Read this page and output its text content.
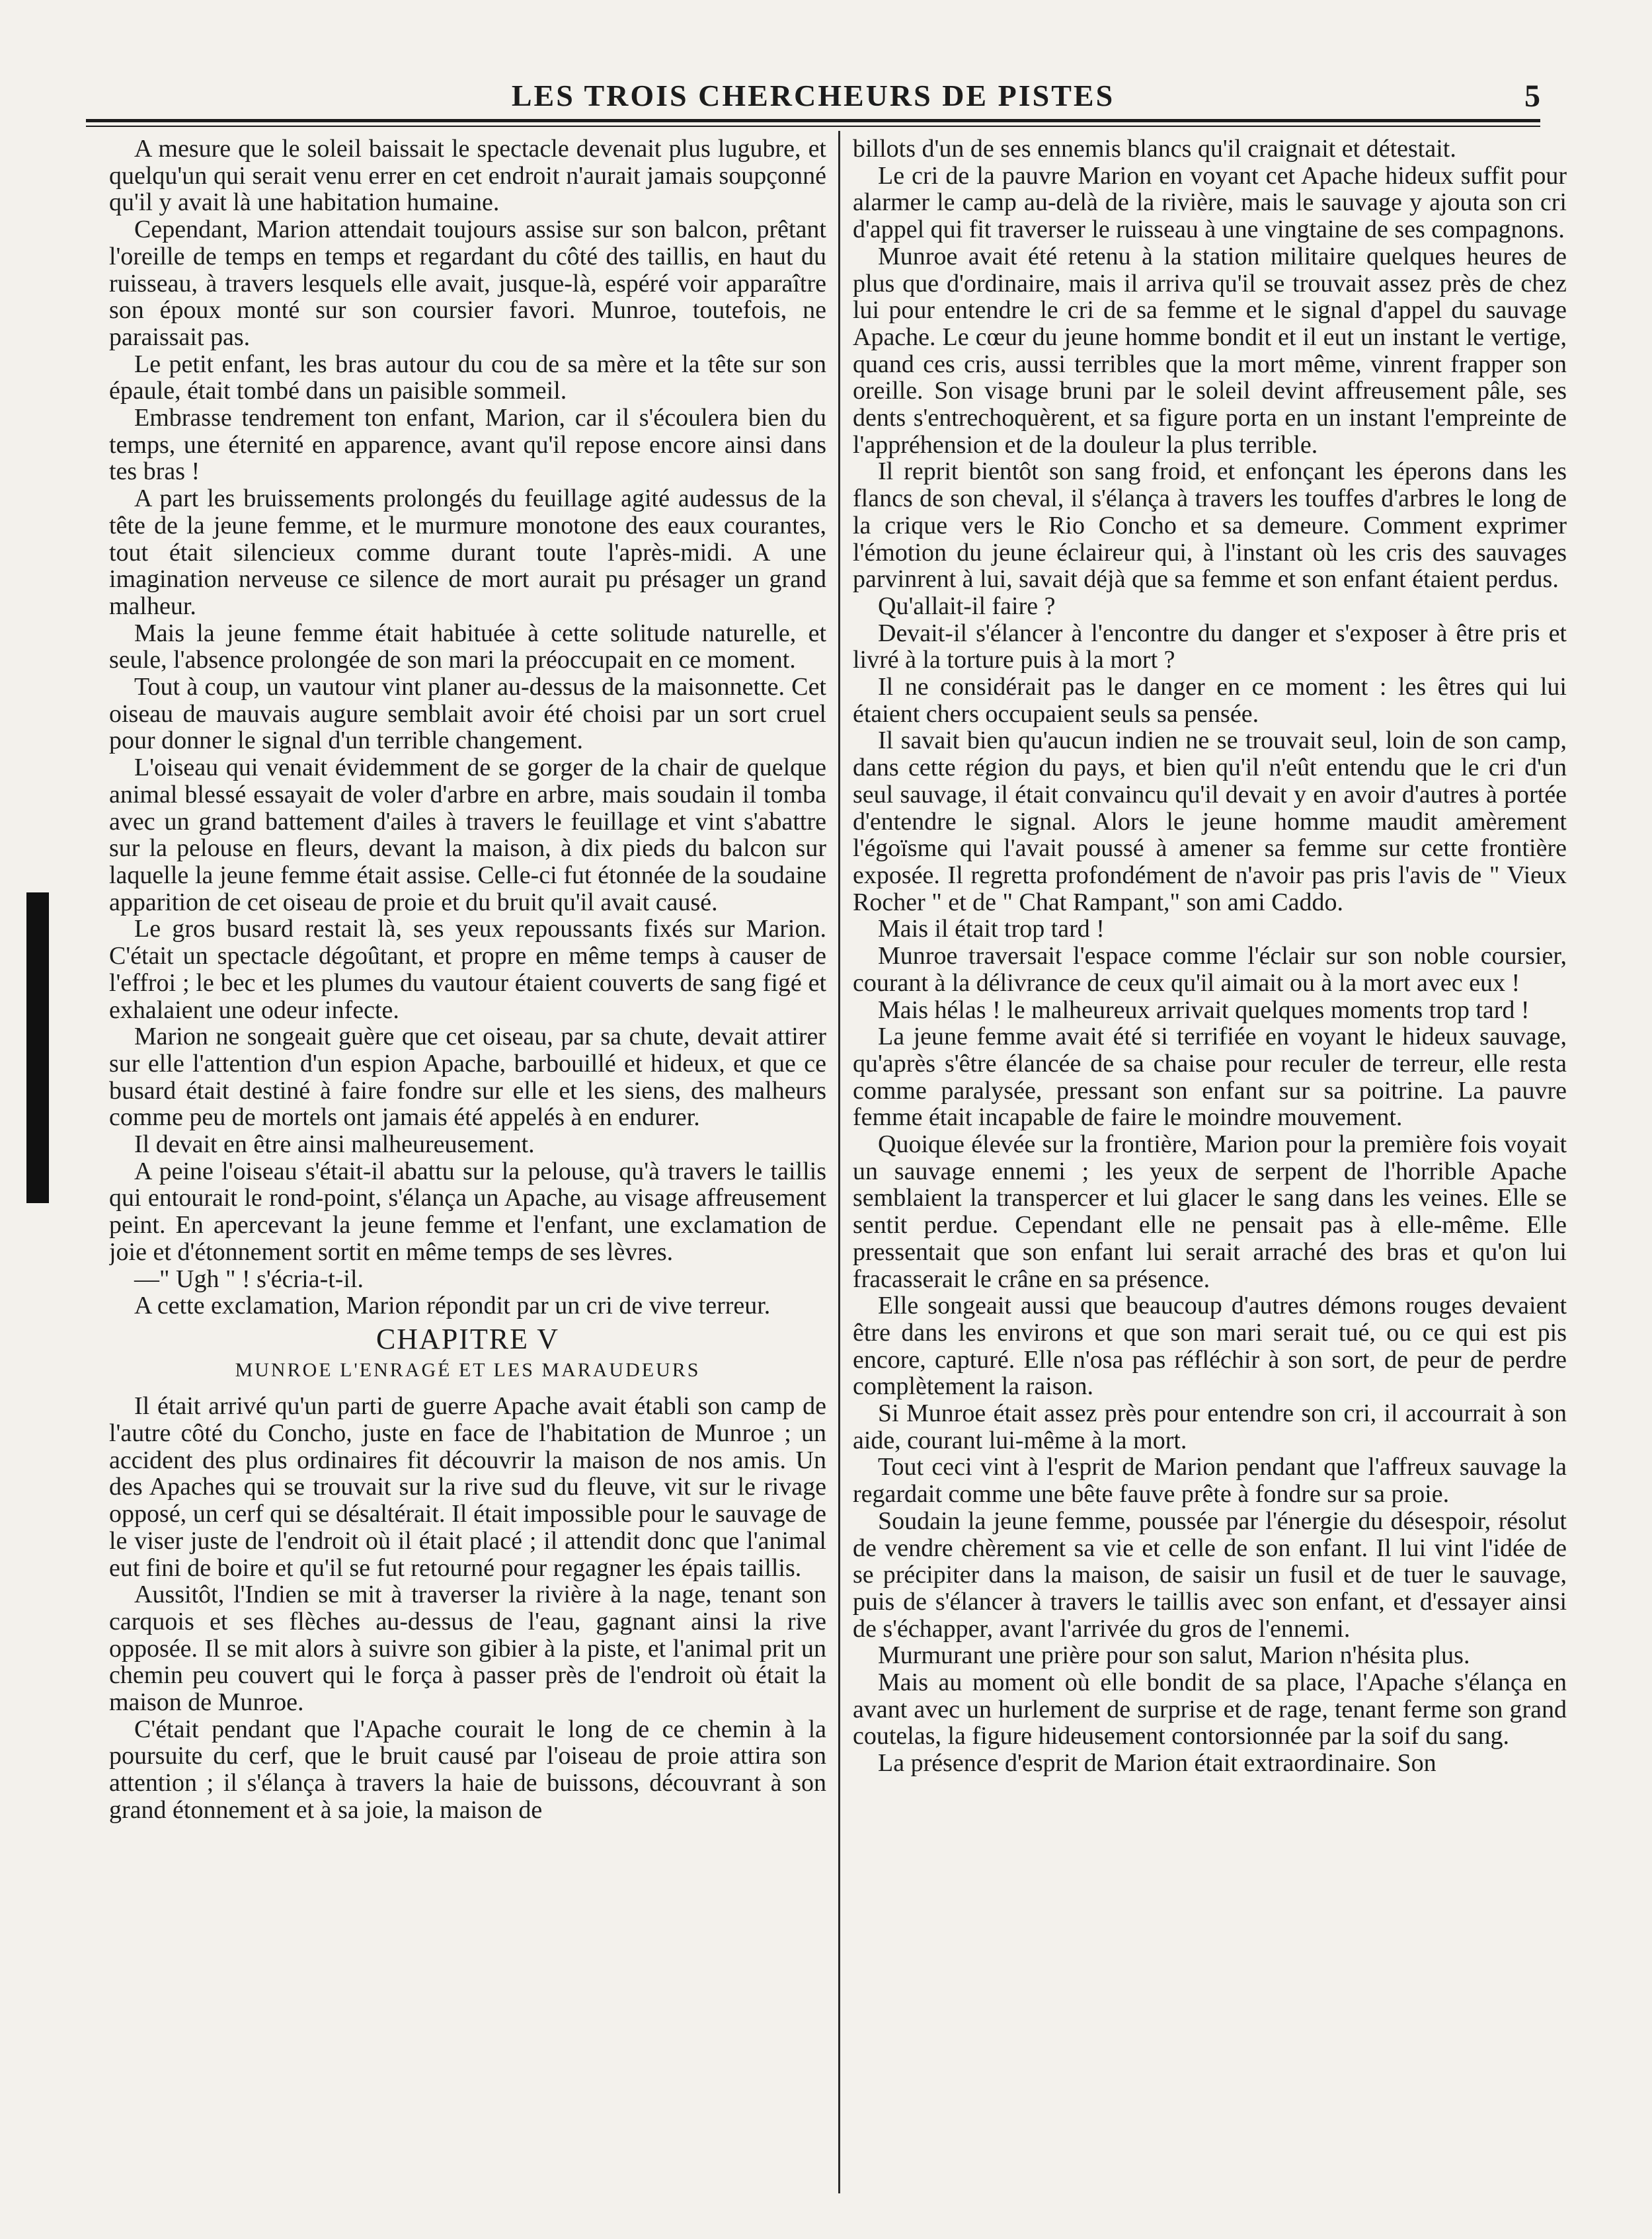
LES TROIS CHERCHEURS DE PISTES	5

A mesure que le soleil baissait le spectacle devenait plus lugubre, et quelqu'un qui serait venu errer en cet endroit n'aurait jamais soupçonné qu'il y avait là une habitation humaine.

Cependant, Marion attendait toujours assise sur son balcon, prêtant l'oreille de temps en temps et regardant du côté des taillis, en haut du ruisseau, à travers lesquels elle avait, jusque-là, espéré voir apparaître son époux monté sur son coursier favori. Munroe, toutefois, ne paraissait pas.

Le petit enfant, les bras autour du cou de sa mère et la tête sur son épaule, était tombé dans un paisible sommeil.

Embrasse tendrement ton enfant, Marion, car il s'écoulera bien du temps, une éternité en apparence, avant qu'il repose encore ainsi dans tes bras !

A part les bruissements prolongés du feuillage agité audessus de la tête de la jeune femme, et le murmure monotone des eaux courantes, tout était silencieux comme durant toute l'après-midi. A une imagination nerveuse ce silence de mort aurait pu présager un grand malheur.

Mais la jeune femme était habituée à cette solitude naturelle, et seule, l'absence prolongée de son mari la préoccupait en ce moment.

Tout à coup, un vautour vint planer au-dessus de la maisonnette. Cet oiseau de mauvais augure semblait avoir été choisi par un sort cruel pour donner le signal d'un terrible changement.

L'oiseau qui venait évidemment de se gorger de la chair de quelque animal blessé essayait de voler d'arbre en arbre, mais soudain il tomba avec un grand battement d'ailes à travers le feuillage et vint s'abattre sur la pelouse en fleurs, devant la maison, à dix pieds du balcon sur laquelle la jeune femme était assise. Celle-ci fut étonnée de la soudaine apparition de cet oiseau de proie et du bruit qu'il avait causé.

Le gros busard restait là, ses yeux repoussants fixés sur Marion. C'était un spectacle dégoûtant, et propre en même temps à causer de l'effroi ; le bec et les plumes du vautour étaient couverts de sang figé et exhalaient une odeur infecte.

Marion ne songeait guère que cet oiseau, par sa chute, devait attirer sur elle l'attention d'un espion Apache, barbouillé et hideux, et que ce busard était destiné à faire fondre sur elle et les siens, des malheurs comme peu de mortels ont jamais été appelés à en endurer.

Il devait en être ainsi malheureusement.

A peine l'oiseau s'était-il abattu sur la pelouse, qu'à travers le taillis qui entourait le rond-point, s'élança un Apache, au visage affreusement peint. En apercevant la jeune femme et l'enfant, une exclamation de joie et d'étonnement sortit en même temps de ses lèvres.

—" Ugh " ! s'écria-t-il.

A cette exclamation, Marion répondit par un cri de vive terreur.

CHAPITRE V
MUNROE L'ENRAGÉ ET LES MARAUDEURS

Il était arrivé qu'un parti de guerre Apache avait établi son camp de l'autre côté du Concho, juste en face de l'habitation de Munroe ; un accident des plus ordinaires fit découvrir la maison de nos amis. Un des Apaches qui se trouvait sur la rive sud du fleuve, vit sur le rivage opposé, un cerf qui se désaltérait. Il était impossible pour le sauvage de le viser juste de l'endroit où il était placé ; il attendit donc que l'animal eut fini de boire et qu'il se fut retourné pour regagner les épais taillis.

Aussitôt, l'Indien se mit à traverser la rivière à la nage, tenant son carquois et ses flèches au-dessus de l'eau, gagnant ainsi la rive opposée. Il se mit alors à suivre son gibier à la piste, et l'animal prit un chemin peu couvert qui le força à passer près de l'endroit où était la maison de Munroe.

C'était pendant que l'Apache courait le long de ce chemin à la poursuite du cerf, que le bruit causé par l'oiseau de proie attira son attention ; il s'élança à travers la haie de buissons, découvrant à son grand étonnement et à sa joie, la maison de

billots d'un de ses ennemis blancs qu'il craignait et détestait.

Le cri de la pauvre Marion en voyant cet Apache hideux suffit pour alarmer le camp au-delà de la rivière, mais le sauvage y ajouta son cri d'appel qui fit traverser le ruisseau à une vingtaine de ses compagnons.

Munroe avait été retenu à la station militaire quelques heures de plus que d'ordinaire, mais il arriva qu'il se trouvait assez près de chez lui pour entendre le cri de sa femme et le signal d'appel du sauvage Apache. Le cœur du jeune homme bondit et il eut un instant le vertige, quand ces cris, aussi terribles que la mort même, vinrent frapper son oreille. Son visage bruni par le soleil devint affreusement pâle, ses dents s'entrechoquèrent, et sa figure porta en un instant l'empreinte de l'appréhension et de la douleur la plus terrible.

Il reprit bientôt son sang froid, et enfonçant les éperons dans les flancs de son cheval, il s'élança à travers les touffes d'arbres le long de la crique vers le Rio Concho et sa demeure. Comment exprimer l'émotion du jeune éclaireur qui, à l'instant où les cris des sauvages parvinrent à lui, savait déjà que sa femme et son enfant étaient perdus.

Qu'allait-il faire ?

Devait-il s'élancer à l'encontre du danger et s'exposer à être pris et livré à la torture puis à la mort ?

Il ne considérait pas le danger en ce moment : les êtres qui lui étaient chers occupaient seuls sa pensée.

Il savait bien qu'aucun indien ne se trouvait seul, loin de son camp, dans cette région du pays, et bien qu'il n'eût entendu que le cri d'un seul sauvage, il était convaincu qu'il devait y en avoir d'autres à portée d'entendre le signal. Alors le jeune homme maudit amèrement l'égoïsme qui l'avait poussé à amener sa femme sur cette frontière exposée. Il regretta profondément de n'avoir pas pris l'avis de " Vieux Rocher " et de " Chat Rampant," son ami Caddo.

Mais il était trop tard !

Munroe traversait l'espace comme l'éclair sur son noble coursier, courant à la délivrance de ceux qu'il aimait ou à la mort avec eux !

Mais hélas ! le malheureux arrivait quelques moments trop tard !

La jeune femme avait été si terrifiée en voyant le hideux sauvage, qu'après s'être élancée de sa chaise pour reculer de terreur, elle resta comme paralysée, pressant son enfant sur sa poitrine. La pauvre femme était incapable de faire le moindre mouvement.

Quoique élevée sur la frontière, Marion pour la première fois voyait un sauvage ennemi ; les yeux de serpent de l'horrible Apache semblaient la transpercer et lui glacer le sang dans les veines. Elle se sentit perdue. Cependant elle ne pensait pas à elle-même. Elle pressentait que son enfant lui serait arraché des bras et qu'on lui fracasserait le crâne en sa présence.

Elle songeait aussi que beaucoup d'autres démons rouges devaient être dans les environs et que son mari serait tué, ou ce qui est pis encore, capturé. Elle n'osa pas réfléchir à son sort, de peur de perdre complètement la raison.

Si Munroe était assez près pour entendre son cri, il accourrait à son aide, courant lui-même à la mort.

Tout ceci vint à l'esprit de Marion pendant que l'affreux sauvage la regardait comme une bête fauve prête à fondre sur sa proie.

Soudain la jeune femme, poussée par l'énergie du désespoir, résolut de vendre chèrement sa vie et celle de son enfant. Il lui vint l'idée de se précipiter dans la maison, de saisir un fusil et de tuer le sauvage, puis de s'élancer à travers le taillis avec son enfant, et d'essayer ainsi de s'échapper, avant l'arrivée du gros de l'ennemi.

Murmurant une prière pour son salut, Marion n'hésita plus.

Mais au moment où elle bondit de sa place, l'Apache s'élança en avant avec un hurlement de surprise et de rage, tenant ferme son grand coutelas, la figure hideusement contorsionnée par la soif du sang.

La présence d'esprit de Marion était extraordinaire. Son
